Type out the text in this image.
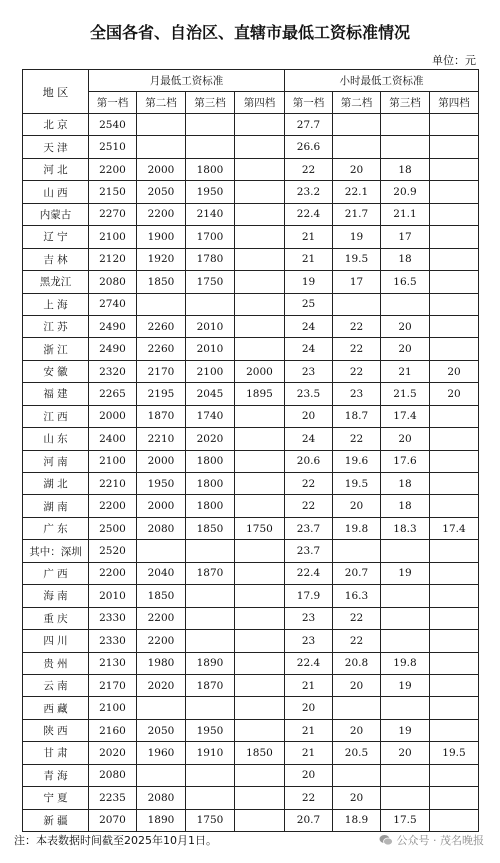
全国各省、自治区、直辖市最低工资标准情况
单位：元
地 区	月最低工资标准				小时最低工资标准			
	第一档	第二档	第三档	第四档	第一档	第二档	第三档	第四档
北 京	2540				27.7			
天 津	2510				26.6			
河 北	2200	2000	1800		22	20	18	
山 西	2150	2050	1950		23.2	22.1	20.9	
内蒙古	2270	2200	2140		22.4	21.7	21.1	
辽 宁	2100	1900	1700		21	19	17	
吉 林	2120	1920	1780		21	19.5	18	
黑龙江	2080	1850	1750		19	17	16.5	
上 海	2740				25			
江 苏	2490	2260	2010		24	22	20	
浙 江	2490	2260	2010		24	22	20	
安 徽	2320	2170	2100	2000	23	22	21	20
福 建	2265	2195	2045	1895	23.5	23	21.5	20
江 西	2000	1870	1740		20	18.7	17.4	
山 东	2400	2210	2020		24	22	20	
河 南	2100	2000	1800		20.6	19.6	17.6	
湖 北	2210	1950	1800		22	19.5	18	
湖 南	2200	2000	1800		22	20	18	
广 东	2500	2080	1850	1750	23.7	19.8	18.3	17.4
其中：深圳	2520				23.7			
广 西	2200	2040	1870		22.4	20.7	19	
海 南	2010	1850			17.9	16.3		
重 庆	2330	2200			23	22		
四 川	2330	2200			23	22		
贵 州	2130	1980	1890		22.4	20.8	19.8	
云 南	2170	2020	1870		21	20	19	
西 藏	2100				20			
陕 西	2160	2050	1950		21	20	19	
甘 肃	2020	1960	1910	1850	21	20.5	20	19.5
青 海	2080				20			
宁 夏	2235	2080			22	20		
新 疆	2070	1890	1750		20.7	18.9	17.5	
注：本表数据时间截至2025年10月1日。	公众号 · 茂名晚报
